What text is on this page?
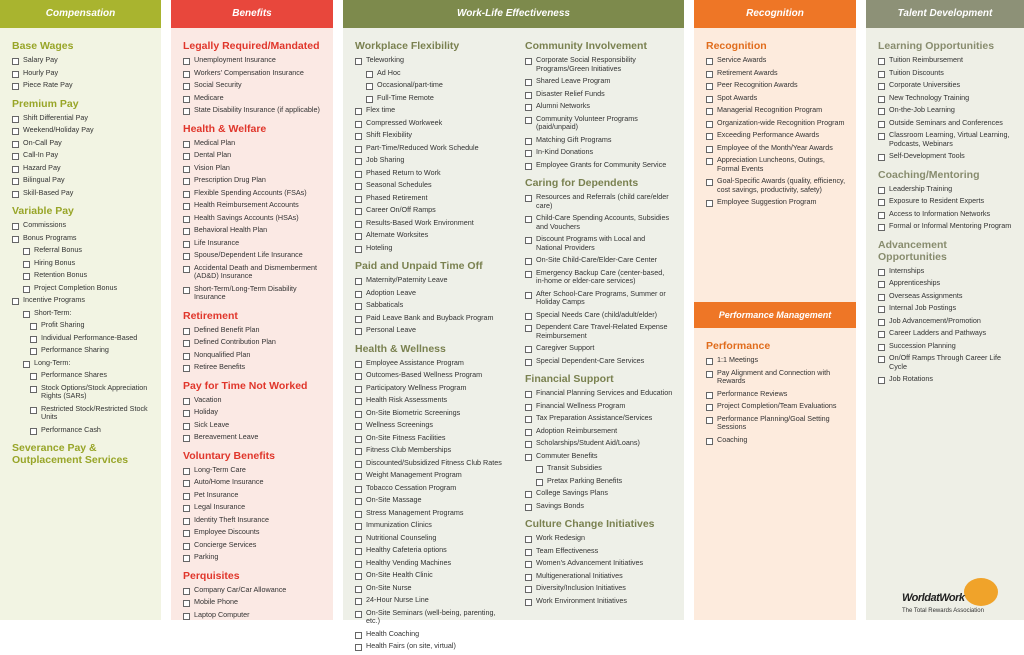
Compensation
Base Wages
Salary Pay
Hourly Pay
Piece Rate Pay
Premium Pay
Shift Differential Pay
Weekend/Holiday Pay
On-Call Pay
Call-In Pay
Hazard Pay
Bilingual Pay
Skill-Based Pay
Variable Pay
Commissions
Bonus Programs
Referral Bonus
Hiring Bonus
Retention Bonus
Project Completion Bonus
Incentive Programs
Short-Term:
Profit Sharing
Individual Performance-Based
Performance Sharing
Long-Term:
Performance Shares
Stock Options/Stock Appreciation Rights (SARs)
Restricted Stock/Restricted Stock Units
Performance Cash
Severance Pay & Outplacement Services
Benefits
Legally Required/Mandated
Unemployment Insurance
Workers' Compensation Insurance
Social Security
Medicare
State Disability Insurance (if applicable)
Health & Welfare
Medical Plan
Dental Plan
Vision Plan
Prescription Drug Plan
Flexible Spending Accounts (FSAs)
Health Reimbursement Accounts
Health Savings Accounts (HSAs)
Behavioral Health Plan
Life Insurance
Spouse/Dependent Life Insurance
Accidental Death and Dismemberment (AD&D) Insurance
Short-Term/Long-Term Disability Insurance
Retirement
Defined Benefit Plan
Defined Contribution Plan
Nonqualified Plan
Retiree Benefits
Pay for Time Not Worked
Vacation
Holiday
Sick Leave
Bereavement Leave
Voluntary Benefits
Long-Term Care
Auto/Home Insurance
Pet Insurance
Legal Insurance
Identity Theft Insurance
Employee Discounts
Concierge Services
Parking
Perquisites
Company Car/Car Allowance
Mobile Phone
Laptop Computer
Work-Life Effectiveness
Workplace Flexibility
Teleworking
Ad Hoc
Occasional/part-time
Full-Time Remote
Flex time
Compressed Workweek
Shift Flexibility
Part-Time/Reduced Work Schedule
Job Sharing
Phased Return to Work
Seasonal Schedules
Phased Retirement
Career On/Off Ramps
Results-Based Work Environment
Alternate Worksites
Hoteling
Paid and Unpaid Time Off
Maternity/Paternity Leave
Adoption Leave
Sabbaticals
Paid Leave Bank and Buyback Program
Personal Leave
Health & Wellness
Employee Assistance Program
Outcomes-Based Wellness Program
Participatory Wellness Program
Health Risk Assessments
On-Site Biometric Screenings
Wellness Screenings
On-Site Fitness Facilities
Fitness Club Memberships
Discounted/Subsidized Fitness Club Rates
Weight Management Program
Tobacco Cessation Program
On-Site Massage
Stress Management Programs
Immunization Clinics
Nutritional Counseling
Healthy Cafeteria options
Healthy Vending Machines
On-Site Health Clinic
On-Site Nurse
24-Hour Nurse Line
On-Site Seminars (well-being, parenting, etc.)
Health Coaching
Health Fairs (on site, virtual)
Community Involvement
Corporate Social Responsibility Programs/Green Initiatives
Shared Leave Program
Disaster Relief Funds
Alumni Networks
Community Volunteer Programs (paid/unpaid)
Matching Gift Programs
In-Kind Donations
Employee Grants for Community Service
Caring for Dependents
Resources and Referrals (child care/elder care)
Child-Care Spending Accounts, Subsidies and Vouchers
Discount Programs with Local and National Providers
On-Site Child-Care/Elder-Care Center
Emergency Backup Care (center-based, in-home or elder-care services)
After School-Care Programs, Summer or Holiday Camps
Special Needs Care (child/adult/elder)
Dependent Care Travel-Related Expense Reimbursement
Caregiver Support
Special Dependent-Care Services
Financial Support
Financial Planning Services and Education
Financial Wellness Program
Tax Preparation Assistance/Services
Adoption Reimbursement
Scholarships/Student Aid/Loans)
Commuter Benefits
Transit Subsidies
Pretax Parking Benefits
College Savings Plans
Savings Bonds
Culture Change Initiatives
Work Redesign
Team Effectiveness
Women's Advancement Initiatives
Multigenerational Initiatives
Diversity/Inclusion Initiatives
Work Environment Initiatives
Recognition
Recognition
Service Awards
Retirement Awards
Peer Recognition Awards
Spot Awards
Managerial Recognition Program
Organization-wide Recognition Program
Exceeding Performance Awards
Employee of the Month/Year Awards
Appreciation Luncheons, Outings, Formal Events
Goal-Specific Awards (quality, efficiency, cost savings, productivity, safety)
Employee Suggestion Program
Performance Management
Performance
1:1 Meetings
Pay Alignment and Connection with Rewards
Performance Reviews
Project Completion/Team Evaluations
Performance Planning/Goal Setting Sessions
Coaching
Talent Development
Learning Opportunities
Tuition Reimbursement
Tuition Discounts
Corporate Universities
New Technology Training
On-the-Job Learning
Outside Seminars and Conferences
Classroom Learning, Virtual Learning, Podcasts, Webinars
Self-Development Tools
Coaching/Mentoring
Leadership Training
Exposure to Resident Experts
Access to Information Networks
Formal or Informal Mentoring Program
Advancement Opportunities
Internships
Apprenticeships
Overseas Assignments
Internal Job Postings
Job Advancement/Promotion
Career Ladders and Pathways
Succession Planning
On/Off Ramps Through Career Life Cycle
Job Rotations
WorldatWork
The Total Rewards Association
